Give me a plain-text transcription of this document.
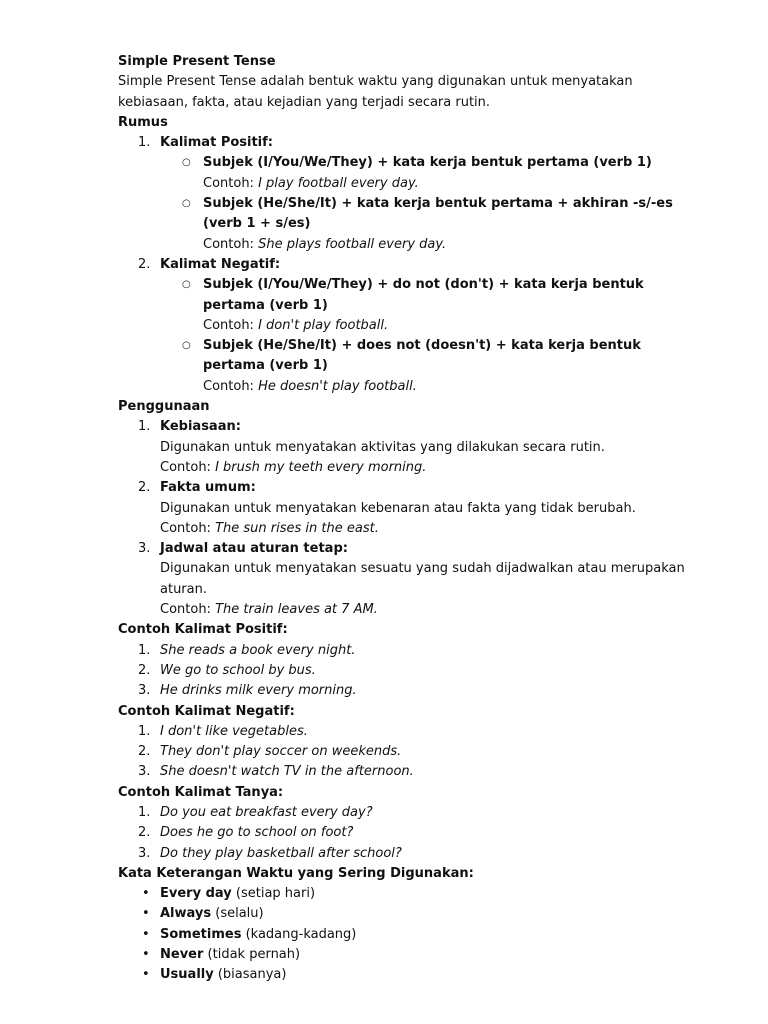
Simple Present Tense
Simple Present Tense adalah bentuk waktu yang digunakan untuk menyatakan
kebiasaan, fakta, atau kejadian yang terjadi secara rutin.
Rumus
1. Kalimat Positif:
○ Subjek (I/You/We/They) + kata kerja bentuk pertama (verb 1)
Contoh: I play football every day.
○ Subjek (He/She/It) + kata kerja bentuk pertama + akhiran -s/-es
(verb 1 + s/es)
Contoh: She plays football every day.
2. Kalimat Negatif:
○ Subjek (I/You/We/They) + do not (don't) + kata kerja bentuk
pertama (verb 1)
Contoh: I don't play football.
○ Subjek (He/She/It) + does not (doesn't) + kata kerja bentuk
pertama (verb 1)
Contoh: He doesn't play football.
Penggunaan
1. Kebiasaan:
Digunakan untuk menyatakan aktivitas yang dilakukan secara rutin.
Contoh: I brush my teeth every morning.
2. Fakta umum:
Digunakan untuk menyatakan kebenaran atau fakta yang tidak berubah.
Contoh: The sun rises in the east.
3. Jadwal atau aturan tetap:
Digunakan untuk menyatakan sesuatu yang sudah dijadwalkan atau merupakan
aturan.
Contoh: The train leaves at 7 AM.
Contoh Kalimat Positif:
1. She reads a book every night.
2. We go to school by bus.
3. He drinks milk every morning.
Contoh Kalimat Negatif:
1. I don't like vegetables.
2. They don't play soccer on weekends.
3. She doesn't watch TV in the afternoon.
Contoh Kalimat Tanya:
1. Do you eat breakfast every day?
2. Does he go to school on foot?
3. Do they play basketball after school?
Kata Keterangan Waktu yang Sering Digunakan:
• Every day (setiap hari)
• Always (selalu)
• Sometimes (kadang-kadang)
• Never (tidak pernah)
• Usually (biasanya)
